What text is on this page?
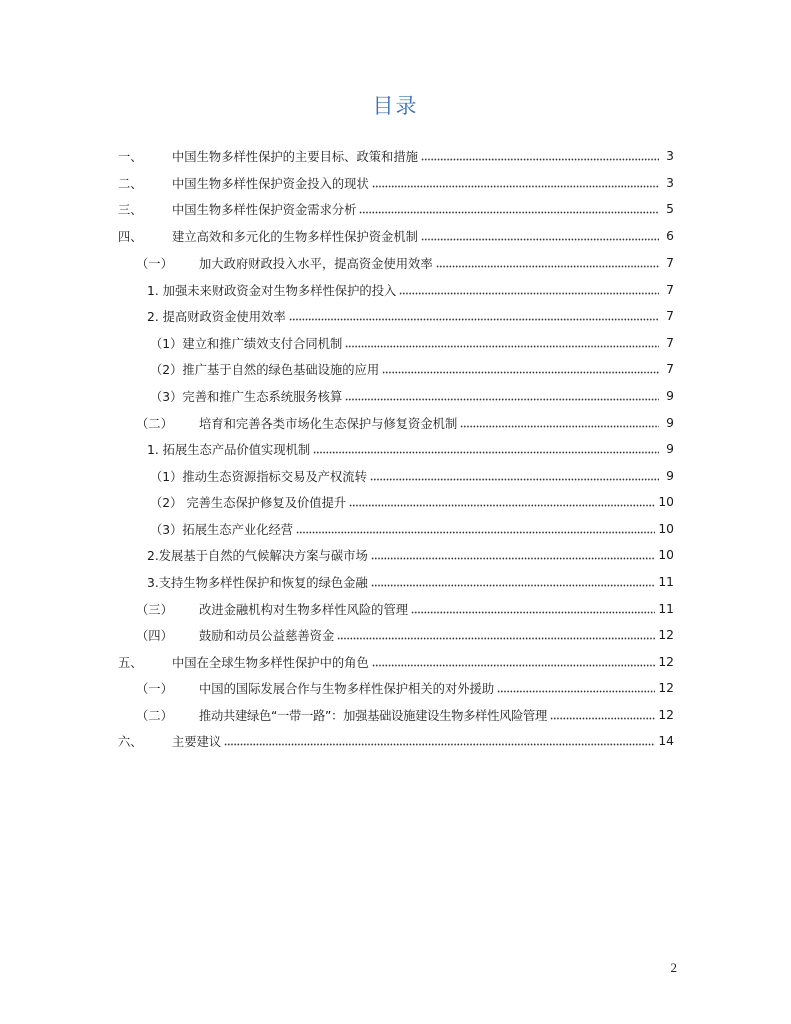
目录
一、	中国生物多样性保护的主要目标、政策和措施	3
二、	中国生物多样性保护资金投入的现状	3
三、	中国生物多样性保护资金需求分析	5
四、	建立高效和多元化的生物多样性保护资金机制	6
（一）	加大政府财政投入水平，提高资金使用效率	7
1. 加强未来财政资金对生物多样性保护的投入	7
2. 提高财政资金使用效率	7
（1）建立和推广绩效支付合同机制	7
（2）推广基于自然的绿色基础设施的应用	7
（3）完善和推广生态系统服务核算	9
（二）	培育和完善各类市场化生态保护与修复资金机制	9
1. 拓展生态产品价值实现机制	9
（1）推动生态资源指标交易及产权流转	9
（2） 完善生态保护修复及价值提升	10
（3）拓展生态产业化经营	10
2.发展基于自然的气候解决方案与碳市场	10
3.支持生物多样性保护和恢复的绿色金融	11
（三）	改进金融机构对生物多样性风险的管理	11
（四）	鼓励和动员公益慈善资金	12
五、	中国在全球生物多样性保护中的角色	12
（一）	中国的国际发展合作与生物多样性保护相关的对外援助	12
（二）	推动共建绿色“一带一路”：加强基础设施建设生物多样性风险管理	12
六、	主要建议	14
2
